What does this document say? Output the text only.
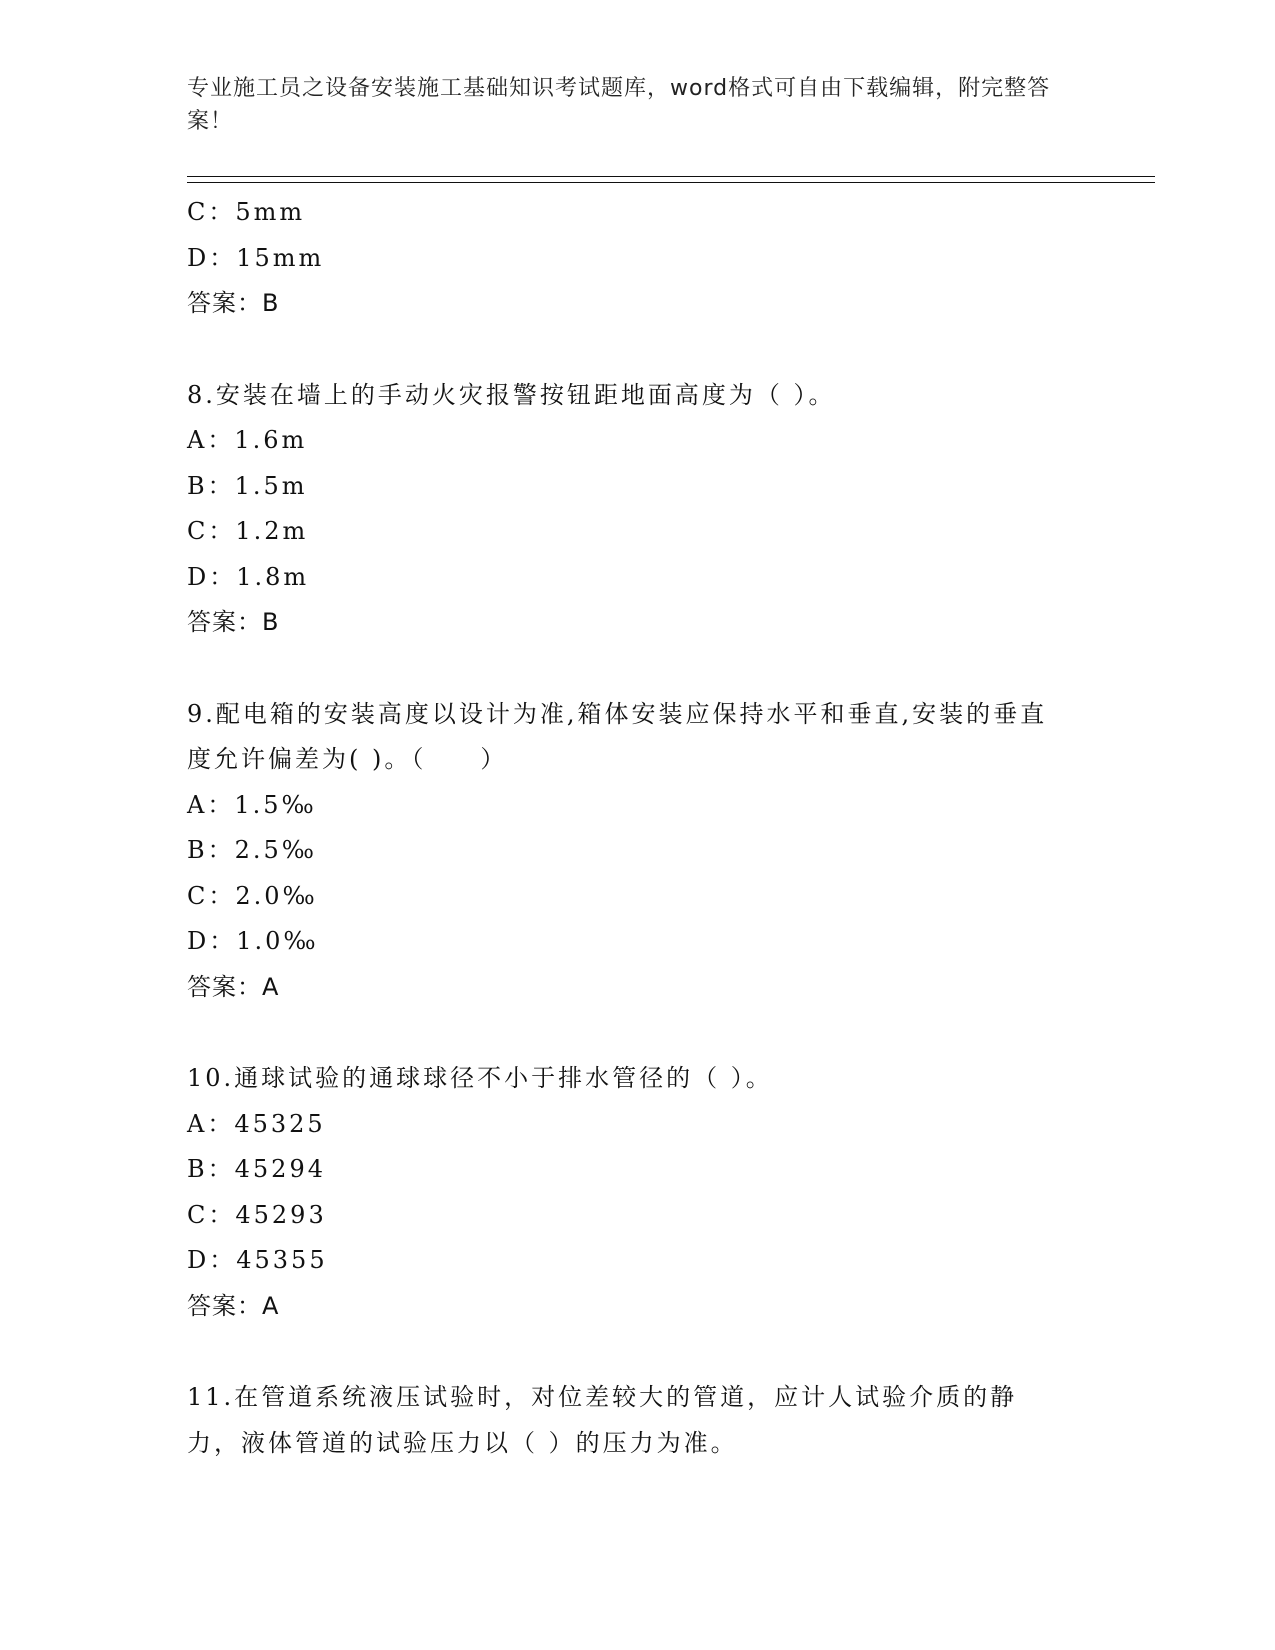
专业施工员之设备安装施工基础知识考试题库，word格式可自由下载编辑，附完整答案！
C：5mm
D：15mm
答案：B
8.安装在墙上的手动火灾报警按钮距地面高度为（ ）。
A：1.6m
B：1.5m
C：1.2m
D：1.8m
答案：B
9.配电箱的安装高度以设计为准,箱体安装应保持水平和垂直,安装的垂直度允许偏差为( )。（　　）
A：1.5‰
B：2.5‰
C：2.0‰
D：1.0‰
答案：A
10.通球试验的通球球径不小于排水管径的（ ）。
A：45325
B：45294
C：45293
D：45355
答案：A
11.在管道系统液压试验时，对位差较大的管道，应计人试验介质的静力，液体管道的试验压力以（ ）的压力为准。
